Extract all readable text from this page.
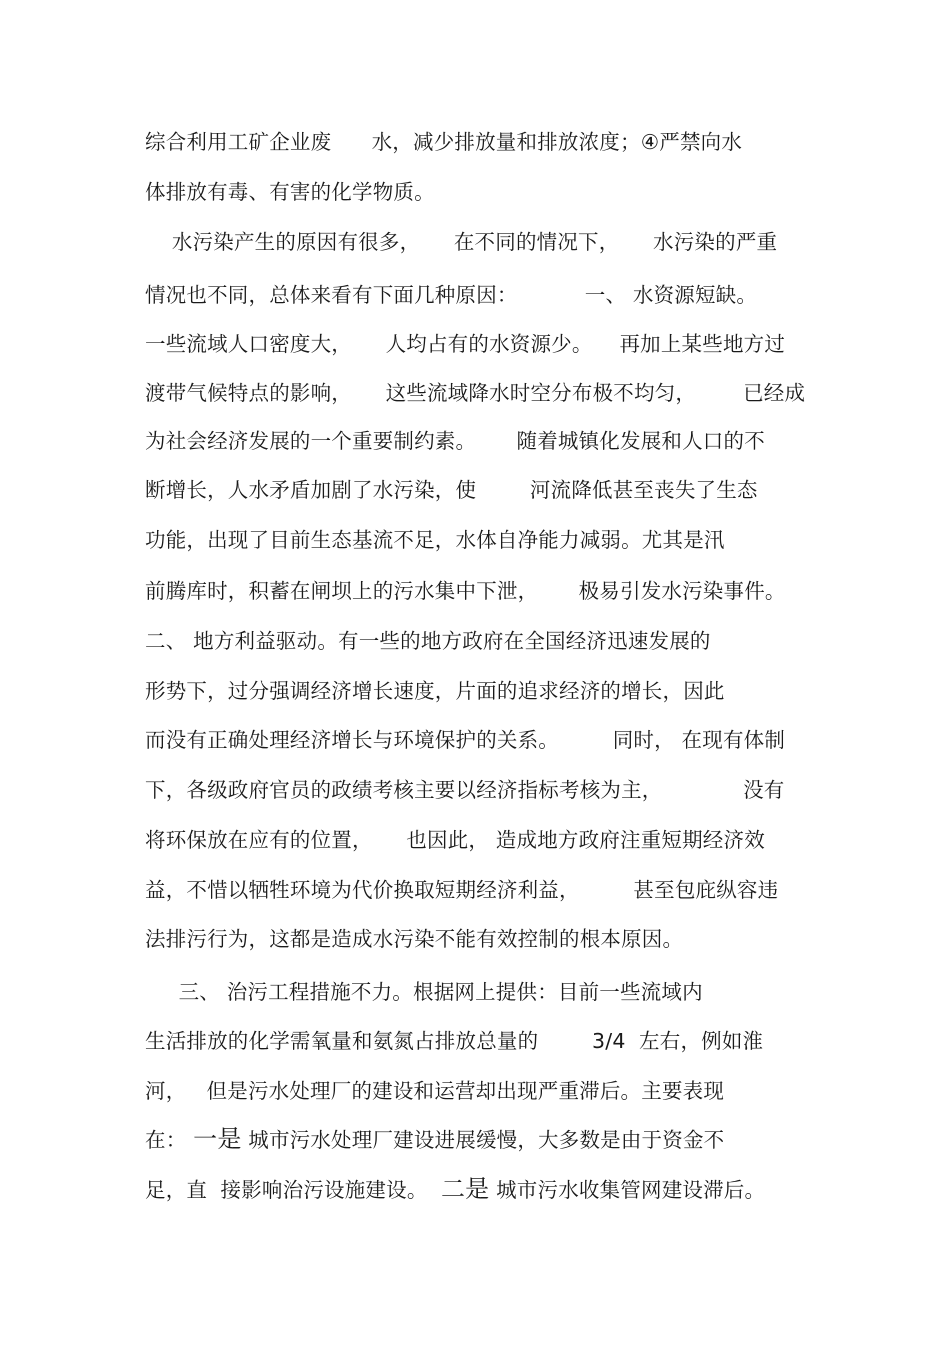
综合利用工矿企业废      水，减少排放量和排放浓度；④严禁向水
体排放有毒、有害的化学物质。
水污染产生的原因有很多，     在不同的情况下，     水污染的严重
情况也不同，总体来看有下面几种原因：          一、 水资源短缺。
一些流域人口密度大，     人均占有的水资源少。    再加上某些地方过
渡带气候特点的影响，     这些流域降水时空分布极不均匀，       已经成
为社会经济发展的一个重要制约素。      随着城镇化发展和人口的不
断增长，人水矛盾加剧了水污染，使        河流降低甚至丧失了生态
功能，出现了目前生态基流不足，水体自净能力减弱。尤其是汛
前腾库时，积蓄在闸坝上的污水集中下泄，      极易引发水污染事件。
二、 地方利益驱动。有一些的地方政府在全国经济迅速发展的
形势下，过分强调经济增长速度，片面的追求经济的增长，因此
而没有正确处理经济增长与环境保护的关系。        同时， 在现有体制
下，各级政府官员的政绩考核主要以经济指标考核为主，            没有
将环保放在应有的位置，     也因此， 造成地方政府注重短期经济效
益，不惜以牺牲环境为代价换取短期经济利益，        甚至包庇纵容违
法排污行为，这都是造成水污染不能有效控制的根本原因。
三、 治污工程措施不力。根据网上提供：目前一些流域内
生活排放的化学需氧量和氨氮占排放总量的        3/4  左右，例如淮
河，   但是污水处理厂的建设和运营却出现严重滞后。主要表现
在： 一是 城市污水处理厂建设进展缓慢，大多数是由于资金不
足，直  接影响治污设施建设。  二是 城市污水收集管网建设滞后。
